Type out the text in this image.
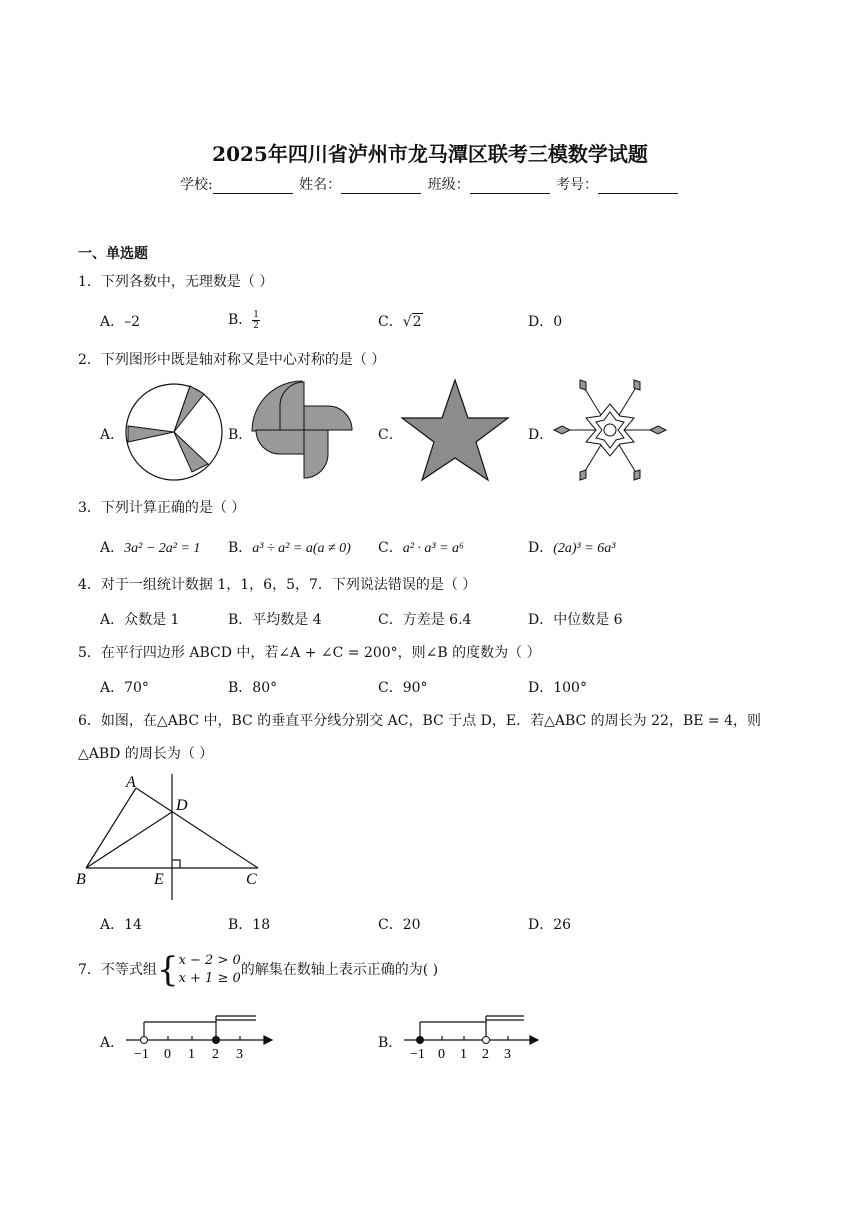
2025年四川省泸州市龙马潭区联考三模数学试题
学校:	姓名：	班级：	考号：
一、单选题
1．下列各数中，无理数是（ ）
A．–2	B． $\frac{1}{2}$	C．√2	D．0
2．下列图形中既是轴对称又是中心对称的是（ ）
A．	B．	C．	D．
3．下列计算正确的是（ ）
A．3a² − 2a² = 1 B．a³ ÷ a² = a(a ≠ 0) C．a² · a³ = a⁶	D．(2a)³ = 6a³
4．对于一组统计数据 1，1，6，5，7．下列说法错误的是（ ）
A．众数是 1	B．平均数是 4	C．方差是 6.4	D．中位数是 6
5．在平行四边形 ABCD 中，若∠A + ∠C = 200°，则∠B 的度数为（ ）
A．70°	B．80°	C．90°	D．100°
6．如图，在△ABC 中，BC 的垂直平分线分别交 AC，BC 于点 D，E．若△ABC 的周长为 22，BE = 4，则
△ABD 的周长为（ ）
A
D
B	E	C
A．14	B．18	C．20	D．26
7．不等式组{ x − 2 > 0
x + 1 ≥ 0
的解集在数轴上表示正确的为( )
A．
−1 0 1 2 3
B．
−1 0 1 2 3
